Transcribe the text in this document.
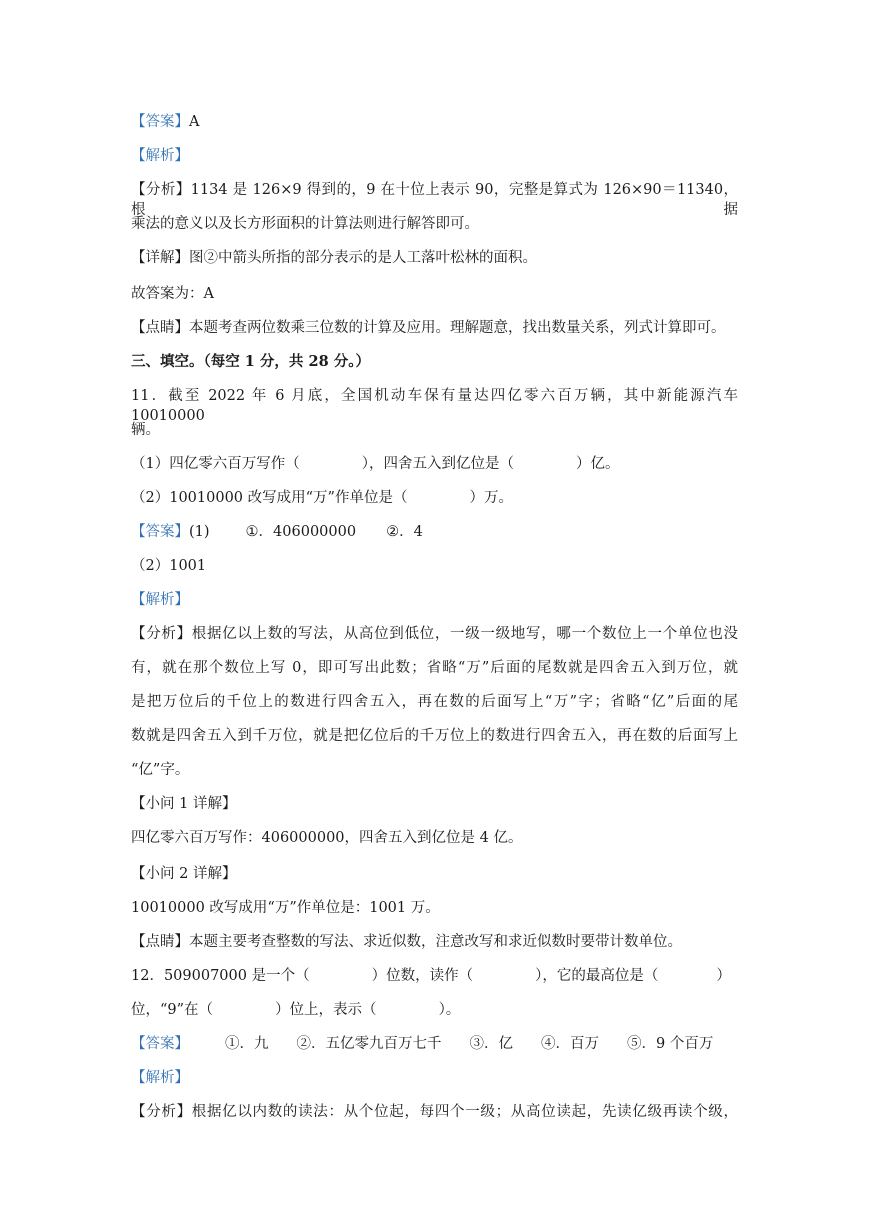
【答案】A
【解析】
【分析】1134 是 126×9 得到的，9 在十位上表示 90，完整是算式为 126×90＝11340，根据
乘法的意义以及长方形面积的计算法则进行解答即可。
【详解】图②中箭头所指的部分表示的是人工落叶松林的面积。
故答案为：A
【点睛】本题考查两位数乘三位数的计算及应用。理解题意，找出数量关系，列式计算即可。
三、填空。（每空 1 分，共 28 分。）
11．截至 2022 年 6 月底，全国机动车保有量达四亿零六百万辆，其中新能源汽车 10010000
辆。
（1）四亿零六百万写作（	），四舍五入到亿位是（	）亿。
（2）10010000 改写成用“万”作单位是（	）万。
【答案】(1) ①．406000000 ②．4
（2）1001
【解析】
【分析】根据亿以上数的写法，从高位到低位，一级一级地写，哪一个数位上一个单位也没
有，就在那个数位上写 0，即可写出此数；省略“万”后面的尾数就是四舍五入到万位，就
是把万位后的千位上的数进行四舍五入，再在数的后面写上“万”字；省略“亿”后面的尾
数就是四舍五入到千万位，就是把亿位后的千万位上的数进行四舍五入，再在数的后面写上
“亿”字。
【小问 1 详解】
四亿零六百万写作：406000000，四舍五入到亿位是 4 亿。
【小问 2 详解】
10010000 改写成用“万”作单位是：1001 万。
【点睛】本题主要考查整数的写法、求近似数，注意改写和求近似数时要带计数单位。
12．509007000 是一个（	）位数，读作（	），它的最高位是（	）
位，“9”在（	）位上，表示（	）。
【答案】 ①．九 ②．五亿零九百万七千 ③．亿 ④．百万 ⑤．9 个百万
【解析】
【分析】根据亿以内数的读法：从个位起，每四个一级；从高位读起，先读亿级再读个级，
